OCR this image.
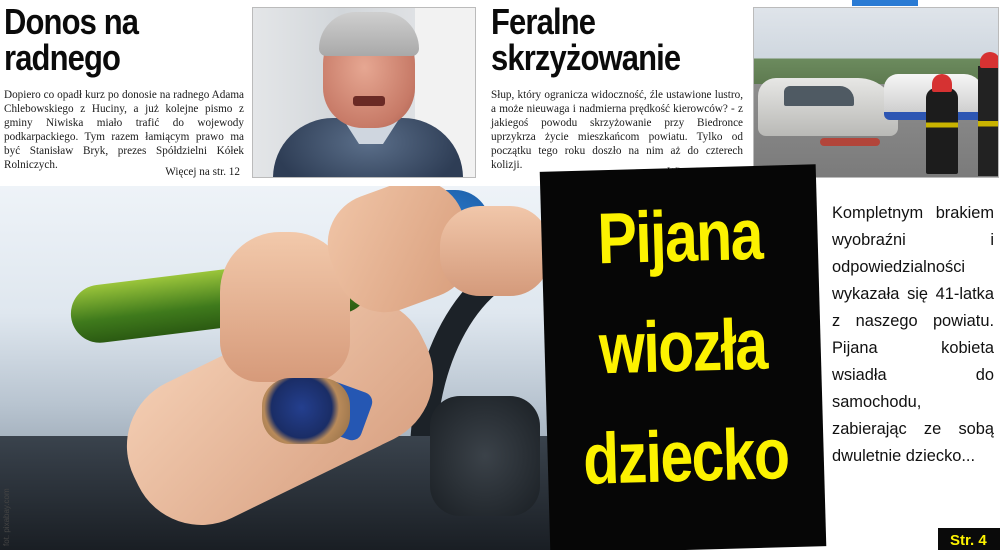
Donos na
radnego
Dopiero co opadł kurz po donosie na radnego Adama Chlebowskiego z Huciny, a już kolejne pismo z gminy Niwiska miało trafić do wojewody podkarpackiego. Tym razem łamiącym prawo ma być Stanisław Bryk, prezes Spółdzielni Kółek Rolniczych.
Więcej na str. 12
Feralne
skrzyżowanie
Słup, który ogranicza widoczność, źle ustawione lustro, a może nieuwaga i nadmierna prędkość kierowców? - z jakiegoś powodu skrzyżowanie przy Biedronce uprzykrza życie mieszkańcom powiatu. Tylko od początku tego roku doszło na nim aż do czterech kolizji.
fot. pixabay.com
Pijana
wiozła
dziecko
Kompletnym brakiem wyobraźni i odpowiedzialności wykazała się 41-latka z naszego powiatu. Pijana kobieta wsiadła do samochodu, zabierając ze sobą dwuletnie dziecko...
Str. 4
